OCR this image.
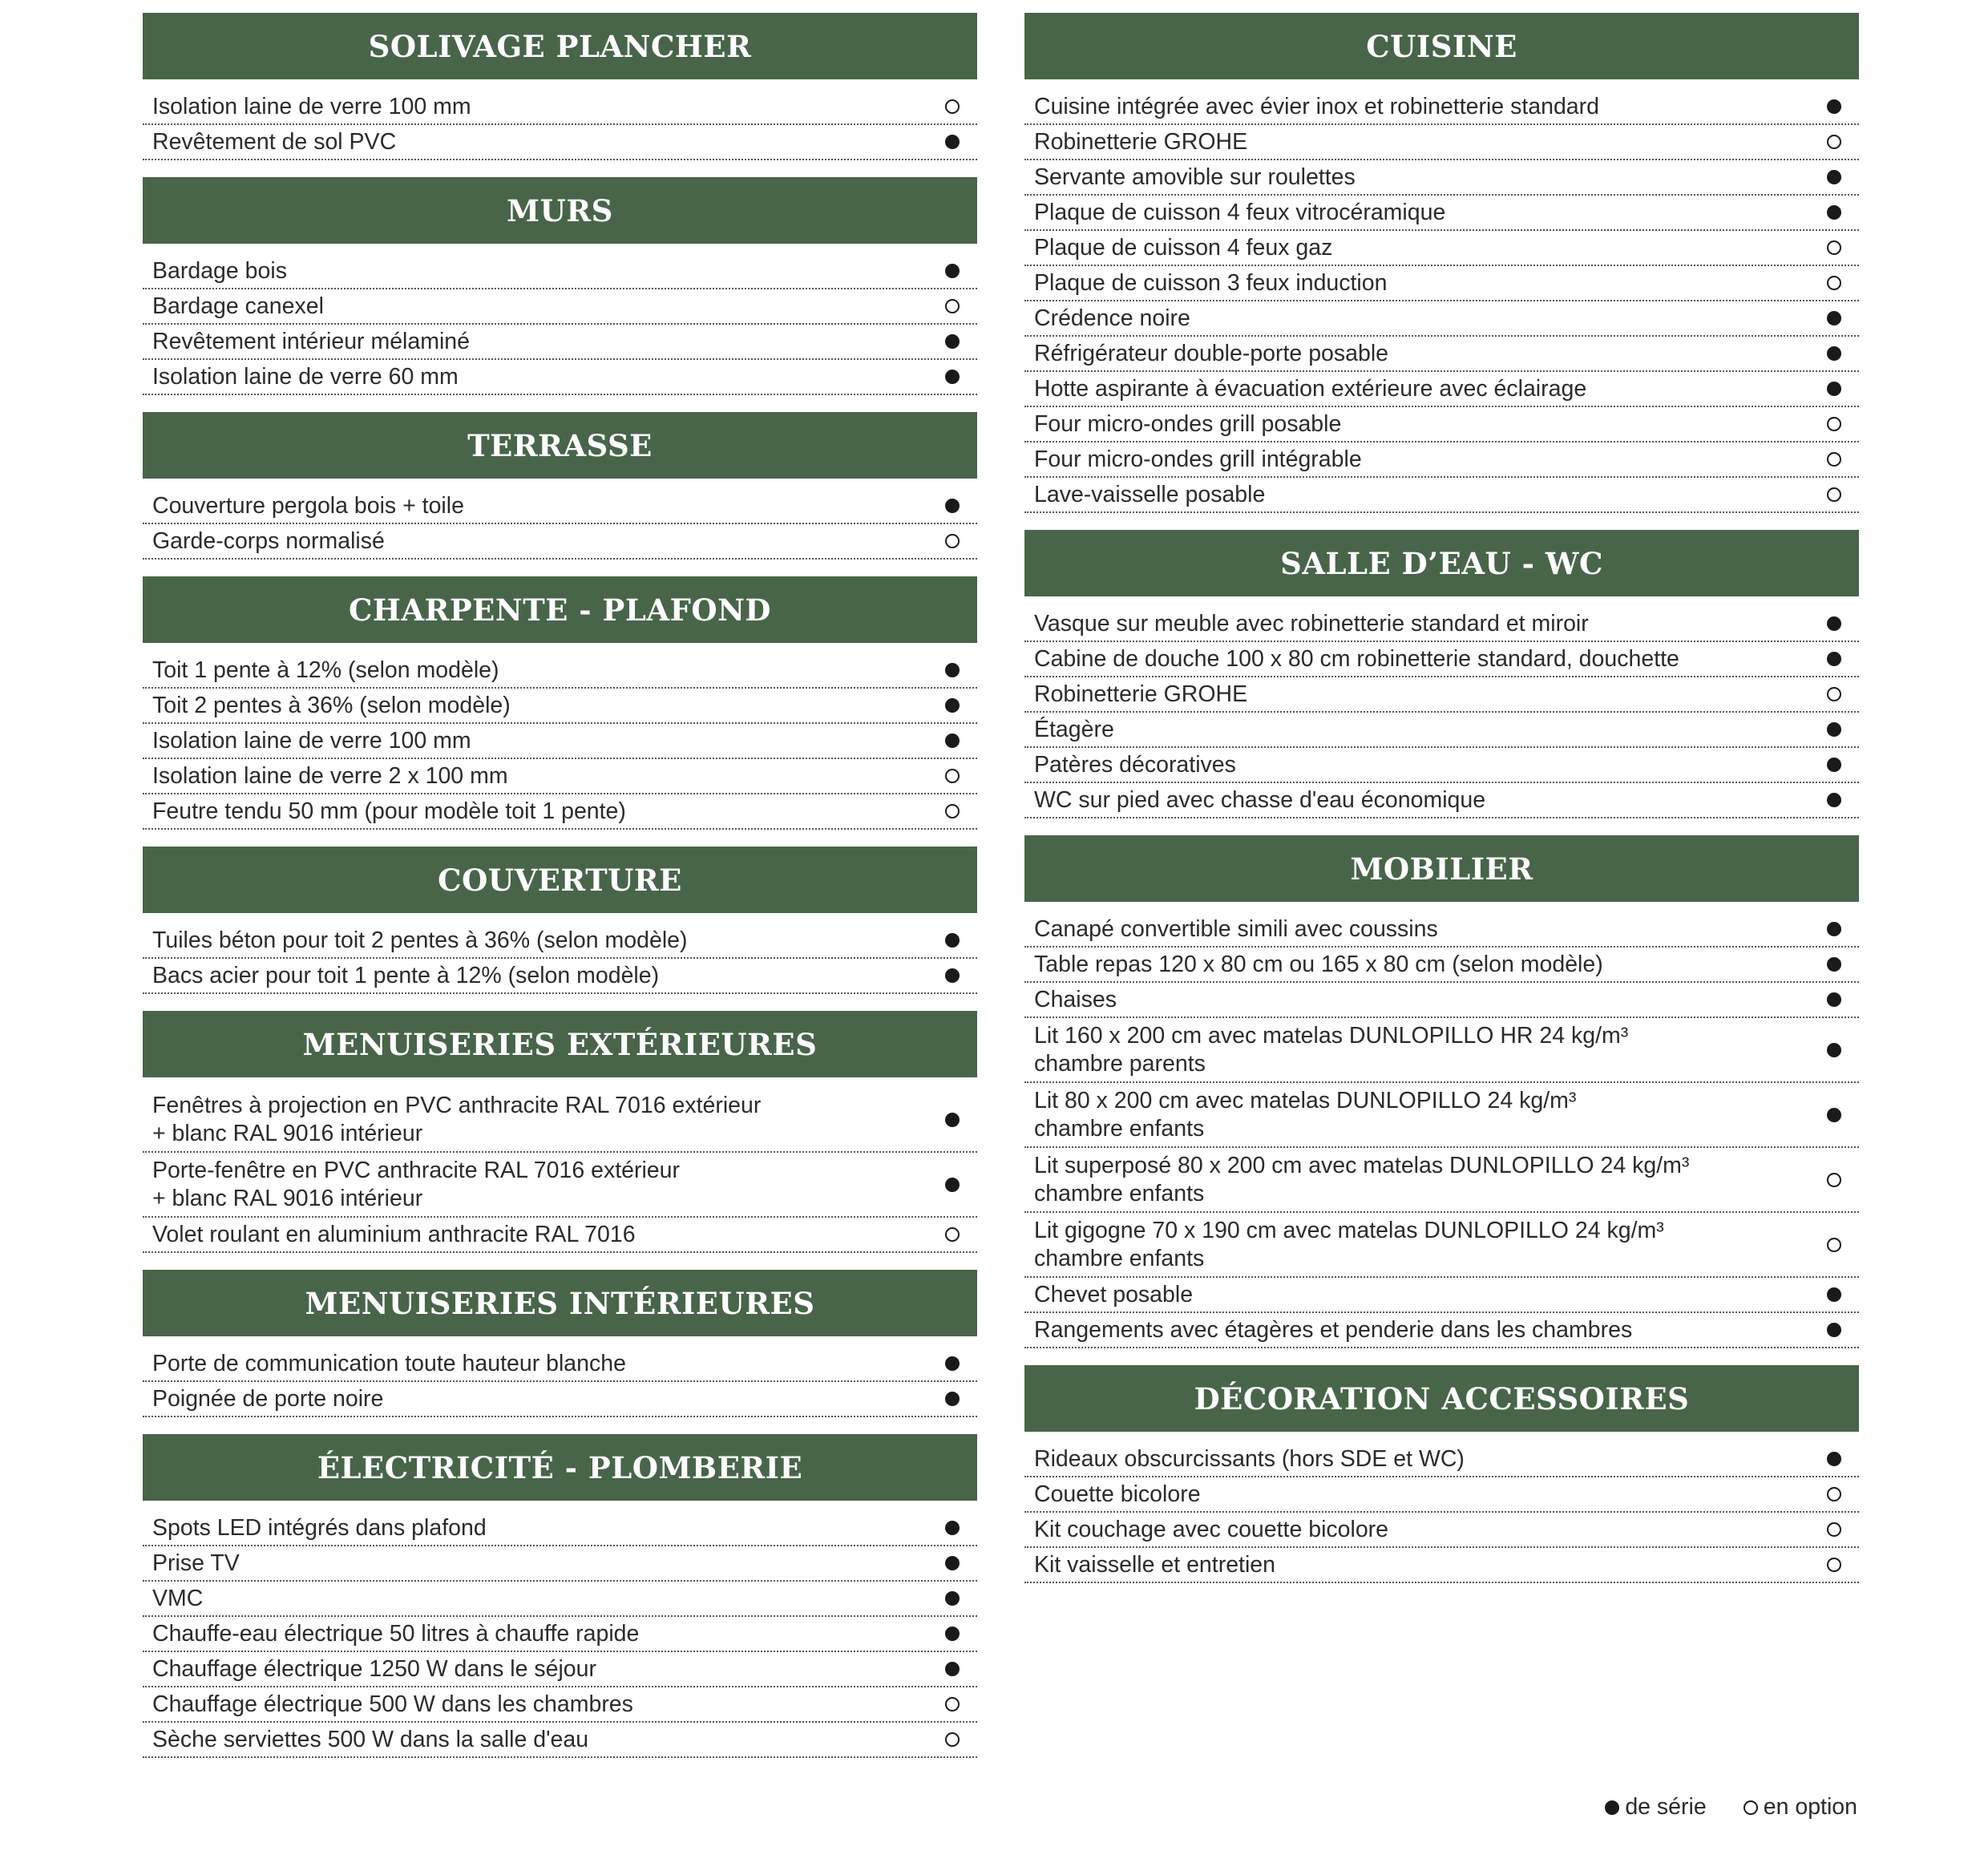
SOLIVAGE PLANCHER
Isolation laine de verre 100 mm
Revêtement de sol PVC
MURS
Bardage bois
Bardage canexel
Revêtement intérieur mélaminé
Isolation laine de verre 60 mm
TERRASSE
Couverture pergola bois + toile
Garde-corps normalisé
CHARPENTE - PLAFOND
Toit 1 pente à 12% (selon modèle)
Toit 2 pentes à 36% (selon modèle)
Isolation laine de verre 100 mm
Isolation laine de verre 2 x 100 mm
Feutre tendu 50 mm (pour modèle toit 1 pente)
COUVERTURE
Tuiles béton pour toit 2 pentes à 36% (selon modèle)
Bacs acier pour toit 1 pente à 12% (selon modèle)
MENUISERIES EXTÉRIEURES
Fenêtres à projection en PVC anthracite RAL 7016 extérieur
+ blanc RAL 9016 intérieur
Porte-fenêtre en PVC anthracite RAL 7016 extérieur
+ blanc RAL 9016 intérieur
Volet roulant en aluminium anthracite RAL 7016
MENUISERIES INTÉRIEURES
Porte de communication toute hauteur blanche
Poignée de porte noire
ÉLECTRICITÉ - PLOMBERIE
Spots LED intégrés dans plafond
Prise TV
VMC
Chauffe-eau électrique 50 litres à chauffe rapide
Chauffage électrique 1250 W dans le séjour
Chauffage électrique 500 W dans les chambres
Sèche serviettes 500 W dans la salle d'eau
CUISINE
Cuisine intégrée avec évier inox et robinetterie standard
Robinetterie GROHE
Servante amovible sur roulettes
Plaque de cuisson 4 feux vitrocéramique
Plaque de cuisson 4 feux gaz
Plaque de cuisson 3 feux induction
Crédence noire
Réfrigérateur double-porte posable
Hotte aspirante à évacuation extérieure avec éclairage
Four micro-ondes grill posable
Four micro-ondes grill intégrable
Lave-vaisselle posable
SALLE D’EAU - WC
Vasque sur meuble avec robinetterie standard et miroir
Cabine de douche 100 x 80 cm robinetterie standard, douchette
Robinetterie GROHE
Étagère
Patères décoratives
WC sur pied avec chasse d'eau économique
MOBILIER
Canapé convertible simili avec coussins
Table repas 120 x 80 cm ou 165 x 80 cm (selon modèle)
Chaises
Lit 160 x 200 cm avec matelas DUNLOPILLO HR 24 kg/m³
chambre parents
Lit 80 x 200 cm avec matelas DUNLOPILLO 24 kg/m³
chambre enfants
Lit superposé 80 x 200 cm avec matelas DUNLOPILLO 24 kg/m³
chambre enfants
Lit gigogne 70 x 190 cm avec matelas DUNLOPILLO 24 kg/m³
chambre enfants
Chevet posable
Rangements avec étagères et penderie dans les chambres
DÉCORATION ACCESSOIRES
Rideaux obscurcissants (hors SDE et WC)
Couette bicolore
Kit couchage avec couette bicolore
Kit vaisselle et entretien
de série en option
